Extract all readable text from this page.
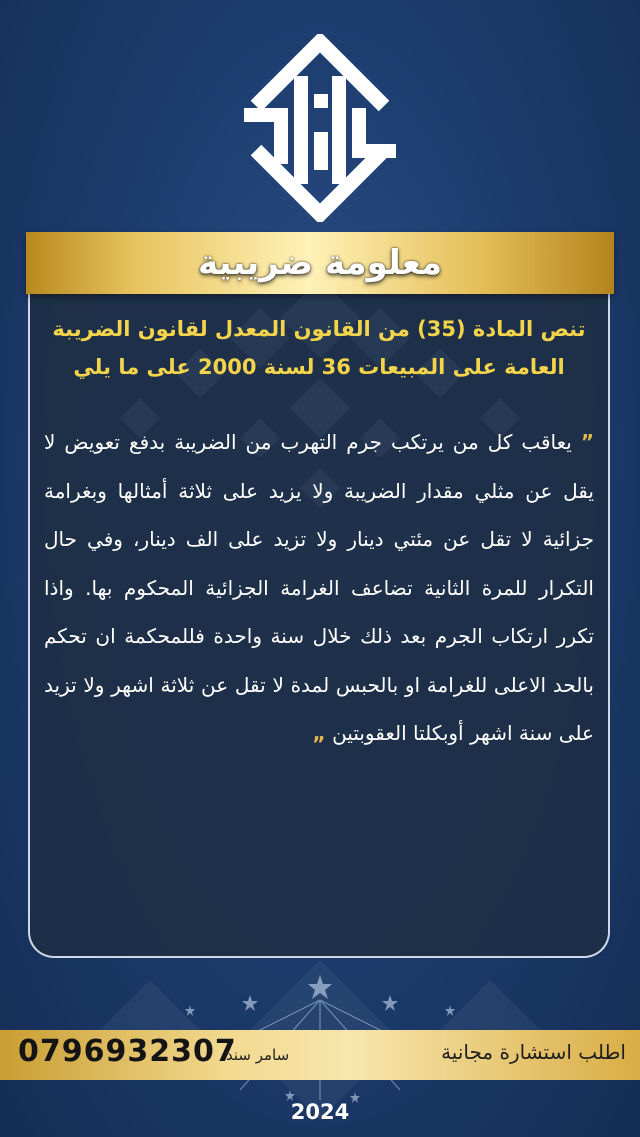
معلومة ضريبية
تنص المادة (35) من القانون المعدل لقانون الضريبة
العامة على المبيعات 36 لسنة 2000 على ما يلي
” يعاقب كل من يرتكب جرم التهرب من الضريبة بدفع تعويض لا يقل عن مثلي مقدار الضريبة ولا يزيد على ثلاثة أمثالها وبغرامة جزائية لا تقل عن مئتي دينار ولا تزيد على الف دينار، وفي حال التكرار للمرة الثانية تضاعف الغرامة الجزائية المحكوم بها. واذا تكرر ارتكاب الجرم بعد ذلك خلال سنة واحدة فللمحكمة ان تحكم بالحد الاعلى للغرامة او بالحبس لمدة لا تقل عن ثلاثة اشهر ولا تزيد على سنة اشهر أوبكلتا العقوبتين „
اطلب استشارة مجانية
سامر سند
0796932307
2024
